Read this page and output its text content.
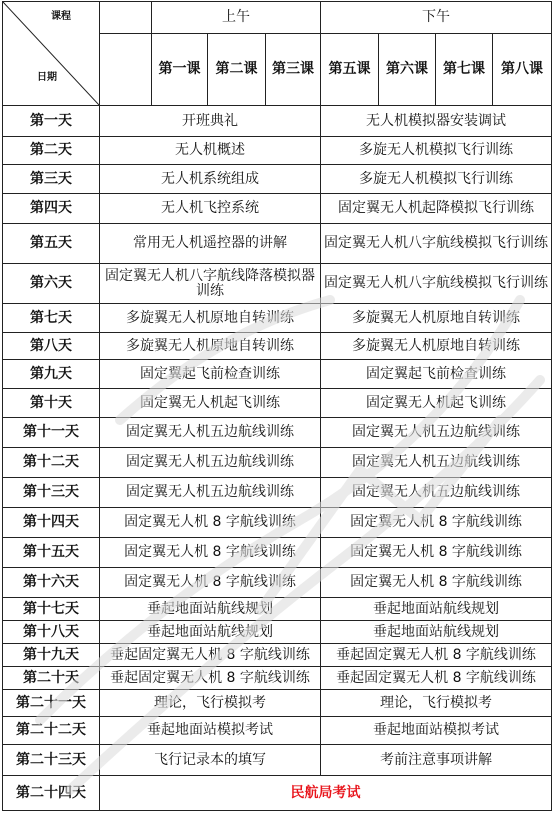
课程
日期		上午			下午			
		第一课	第二课	第三课	第五课	第六课	第七课	第八课
第一天	开班典礼				无人机模拟器安装调试			
第二天	无人机概述				多旋无人机模拟飞行训练			
第三天	无人机系统组成				多旋无人机模拟飞行训练			
第四天	无人机飞控系统				固定翼无人机起降模拟飞行训练			
第五天	常用无人机遥控器的讲解				固定翼无人机八字航线模拟飞行训练			
第六天	固定翼无人机八字航线降落模拟器训练				固定翼无人机八字航线模拟飞行训练			
第七天	多旋翼无人机原地自转训练				多旋翼无人机原地自转训练			
第八天	多旋翼无人机原地自转训练				多旋翼无人机原地自转训练			
第九天	固定翼起飞前检查训练				固定翼起飞前检查训练			
第十天	固定翼无人机起飞训练				固定翼无人机起飞训练			
第十一天	固定翼无人机五边航线训练				固定翼无人机五边航线训练			
第十二天	固定翼无人机五边航线训练				固定翼无人机五边航线训练			
第十三天	固定翼无人机五边航线训练				固定翼无人机五边航线训练			
第十四天	固定翼无人机 8 字航线训练				固定翼无人机 8 字航线训练			
第十五天	固定翼无人机 8 字航线训练				固定翼无人机 8 字航线训练			
第十六天	固定翼无人机 8 字航线训练				固定翼无人机 8 字航线训练			
第十七天	垂起地面站航线规划				垂起地面站航线规划			
第十八天	垂起地面站航线规划				垂起地面站航线规划			
第十九天	垂起固定翼无人机 8 字航线训练				垂起固定翼无人机 8 字航线训练			
第二十天	垂起固定翼无人机 8 字航线训练				垂起固定翼无人机 8 字航线训练			
第二十一天	理论，飞行模拟考				理论，飞行模拟考			
第二十二天	垂起地面站模拟考试				垂起地面站模拟考试			
第二十三天	飞行记录本的填写				考前注意事项讲解			
第二十四天	民航局考试							
